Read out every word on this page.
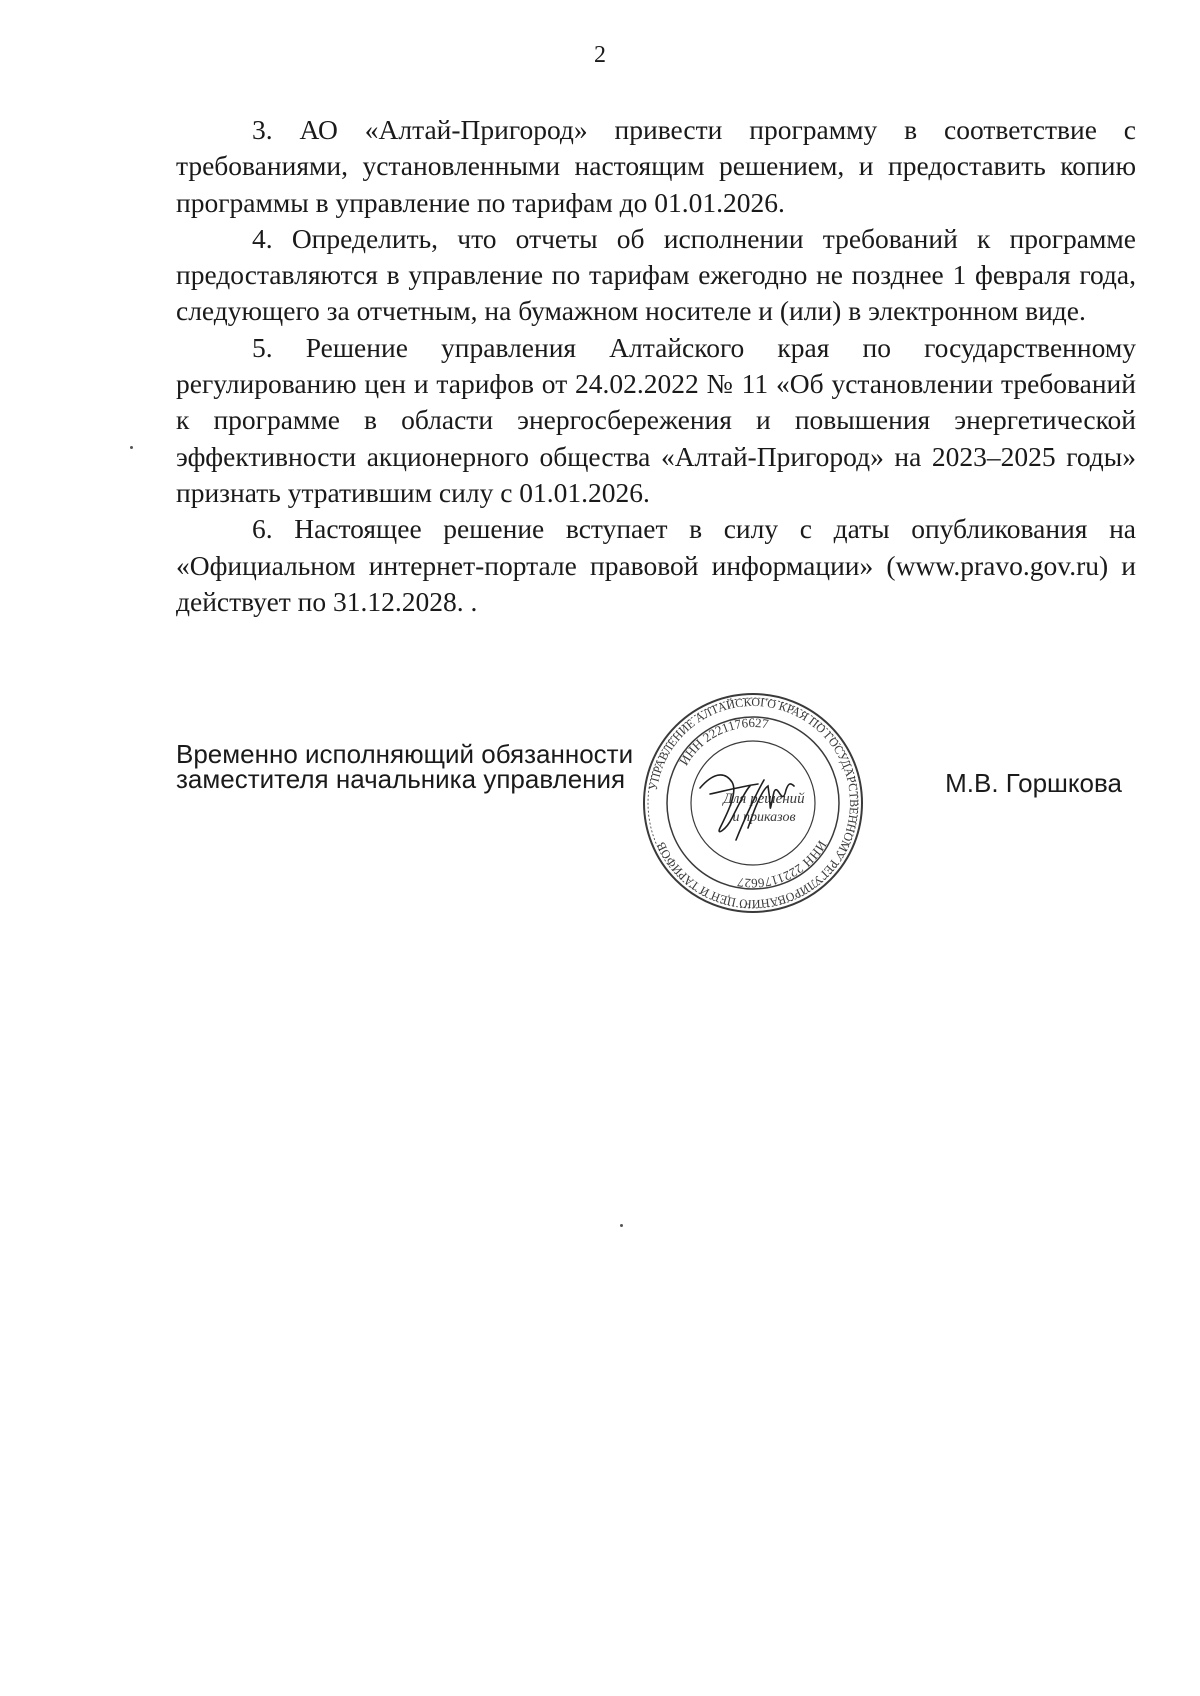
2

3. АО «Алтай-Пригород» привести программу в соответствие с требованиями, установленными настоящим решением, и предоставить копию программы в управление по тарифам до 01.01.2026.

4. Определить, что отчеты об исполнении требований к программе предоставляются в управление по тарифам ежегодно не позднее 1 февраля года, следующего за отчетным, на бумажном носителе и (или) в электронном виде.

5. Решение управления Алтайского края по государственному регулированию цен и тарифов от 24.02.2022 № 11 «Об установлении требований к программе в области энергосбережения и повышения энергетической эффективности акционерного общества «Алтай-Пригород» на 2023–2025 годы» признать утратившим силу с 01.01.2026.

6. Настоящее решение вступает в силу с даты опубликования на «Официальном интернет-портале правовой информации» (www.pravo.gov.ru) и действует по 31.12.2028. .

Временно исполняющий обязанности
заместителя начальника управления	УПРАВЛЕНИЕ АЛТАЙСКОГО КРАЯ ПО ГОСУДАРСТВЕННОМУ РЕГУЛИРОВАНИЮ ЦЕН И ТАРИФОВ
ИНН 2221176627
ИНН 2221176627
Для решений
и приказов
М.В. Горшкова
